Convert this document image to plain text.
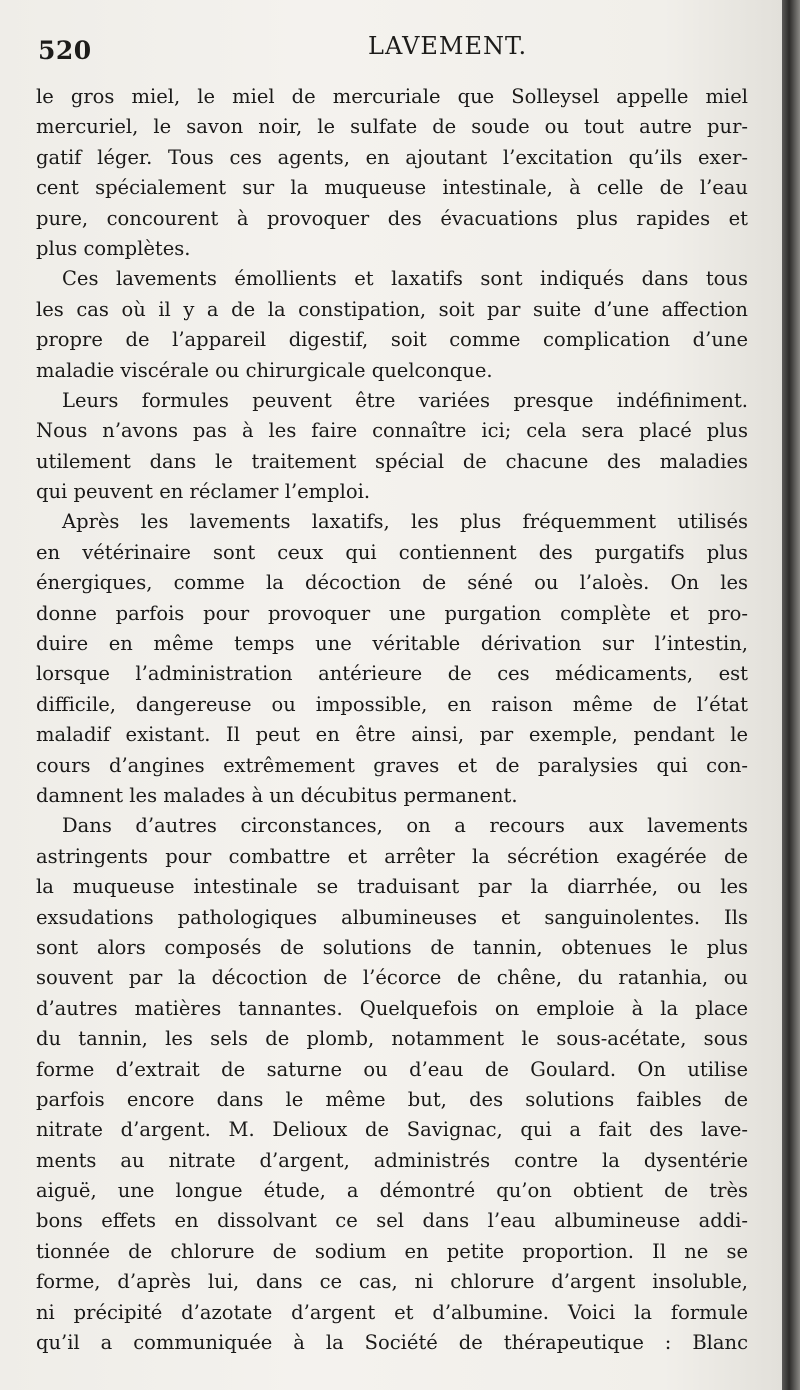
520	LAVEMENT.
le gros miel, le miel de mercuriale que Solleysel appelle miel
mercuriel, le savon noir, le sulfate de soude ou tout autre pur-
gatif léger. Tous ces agents, en ajoutant l’excitation qu’ils exer-
cent spécialement sur la muqueuse intestinale, à celle de l’eau
pure, concourent à provoquer des évacuations plus rapides et
plus complètes.
Ces lavements émollients et laxatifs sont indiqués dans tous
les cas où il y a de la constipation, soit par suite d’une affection
propre de l’appareil digestif, soit comme complication d’une
maladie viscérale ou chirurgicale quelconque.
Leurs formules peuvent être variées presque indéfiniment.
Nous n’avons pas à les faire connaître ici; cela sera placé plus
utilement dans le traitement spécial de chacune des maladies
qui peuvent en réclamer l’emploi.
Après les lavements laxatifs, les plus fréquemment utilisés
en vétérinaire sont ceux qui contiennent des purgatifs plus
énergiques, comme la décoction de séné ou l’aloès. On les
donne parfois pour provoquer une purgation complète et pro-
duire en même temps une véritable dérivation sur l’intestin,
lorsque l’administration antérieure de ces médicaments, est
difficile, dangereuse ou impossible, en raison même de l’état
maladif existant. Il peut en être ainsi, par exemple, pendant le
cours d’angines extrêmement graves et de paralysies qui con-
damnent les malades à un décubitus permanent.
Dans d’autres circonstances, on a recours aux lavements
astringents pour combattre et arrêter la sécrétion exagérée de
la muqueuse intestinale se traduisant par la diarrhée, ou les
exsudations pathologiques albumineuses et sanguinolentes. Ils
sont alors composés de solutions de tannin, obtenues le plus
souvent par la décoction de l’écorce de chêne, du ratanhia, ou
d’autres matières tannantes. Quelquefois on emploie à la place
du tannin, les sels de plomb, notamment le sous-acétate, sous
forme d’extrait de saturne ou d’eau de Goulard. On utilise
parfois encore dans le même but, des solutions faibles de
nitrate d’argent. M. Delioux de Savignac, qui a fait des lave-
ments au nitrate d’argent, administrés contre la dysentérie
aiguë, une longue étude, a démontré qu’on obtient de très
bons effets en dissolvant ce sel dans l’eau albumineuse addi-
tionnée de chlorure de sodium en petite proportion. Il ne se
forme, d’après lui, dans ce cas, ni chlorure d’argent insoluble,
ni précipité d’azotate d’argent et d’albumine. Voici la formule
qu’il a communiquée à la Société de thérapeutique : Blanc
